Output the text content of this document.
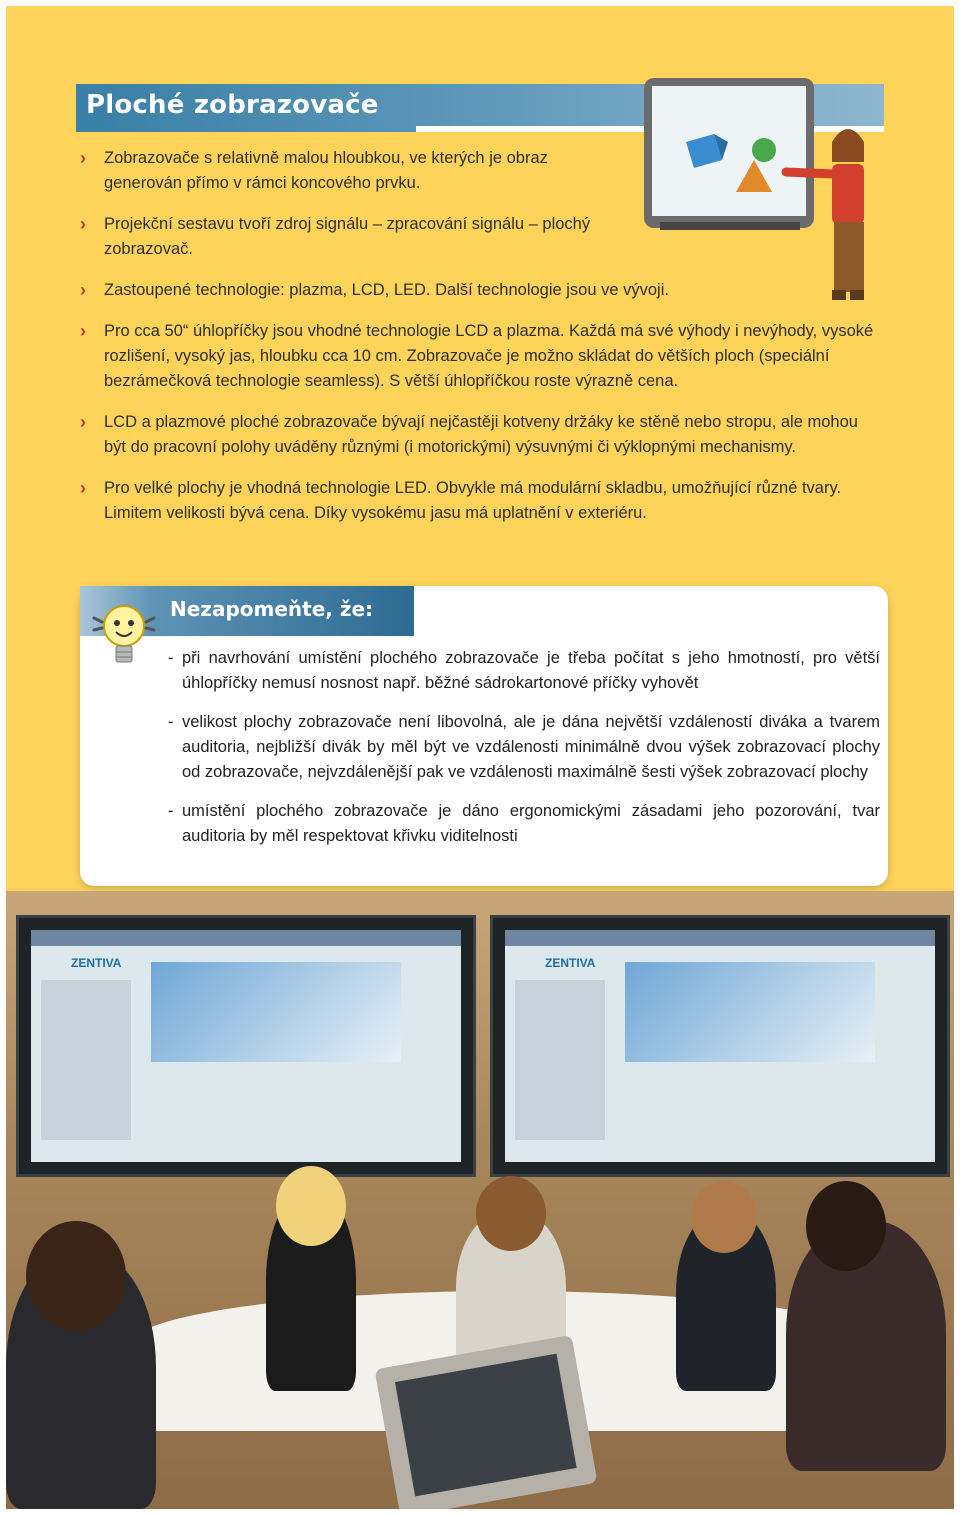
Ploché zobrazovače
› Zobrazovače s relativně malou hloubkou, ve kterých je obraz generován přímo v rámci koncového prvku.
› Projekční sestavu tvoří zdroj signálu – zpracování signálu – plochý zobrazovač.
› Zastoupené technologie: plazma, LCD, LED. Další technologie jsou ve vývoji.
› Pro cca 50“ úhlopříčky jsou vhodné technologie LCD a plazma. Každá má své výhody i nevýhody, vysoké rozlišení, vysoký jas, hloubku cca 10 cm. Zobrazovače je možno skládat do větších ploch (speciální bezrámečková technologie seamless). S větší úhlopříčkou roste výrazně cena.
› LCD a plazmové ploché zobrazovače bývají nejčastěji kotveny držáky ke stěně nebo stropu, ale mohou být do pracovní polohy uváděny různými (i motorickými) výsuvnými či výklopnými mechanismy.
› Pro velké plochy je vhodná technologie LED. Obvykle má modulární skladbu, umožňující různé tvary. Limitem velikosti bývá cena. Díky vysokému jasu má uplatnění v exteriéru.
Nezapomeňte, že:
- při navrhování umístění plochého zobrazovače je třeba počítat s jeho hmotností, pro větší úhlopříčky nemusí nosnost např. běžné sádrokartonové příčky vyhovět
- velikost plochy zobrazovače není libovolná, ale je dána největší vzdáleností diváka a tvarem auditoria, nejbližší divák by měl být ve vzdálenosti minimálně dvou výšek zobrazovací plochy od zobrazovače, nejvzdálenější pak ve vzdálenosti maximálně šesti výšek zobrazovací plochy
- umístění plochého zobrazovače je dáno ergonomickými zásadami jeho pozorování, tvar auditoria by měl respektovat křivku viditelnosti
ZENTIVA	ZENTIVA
